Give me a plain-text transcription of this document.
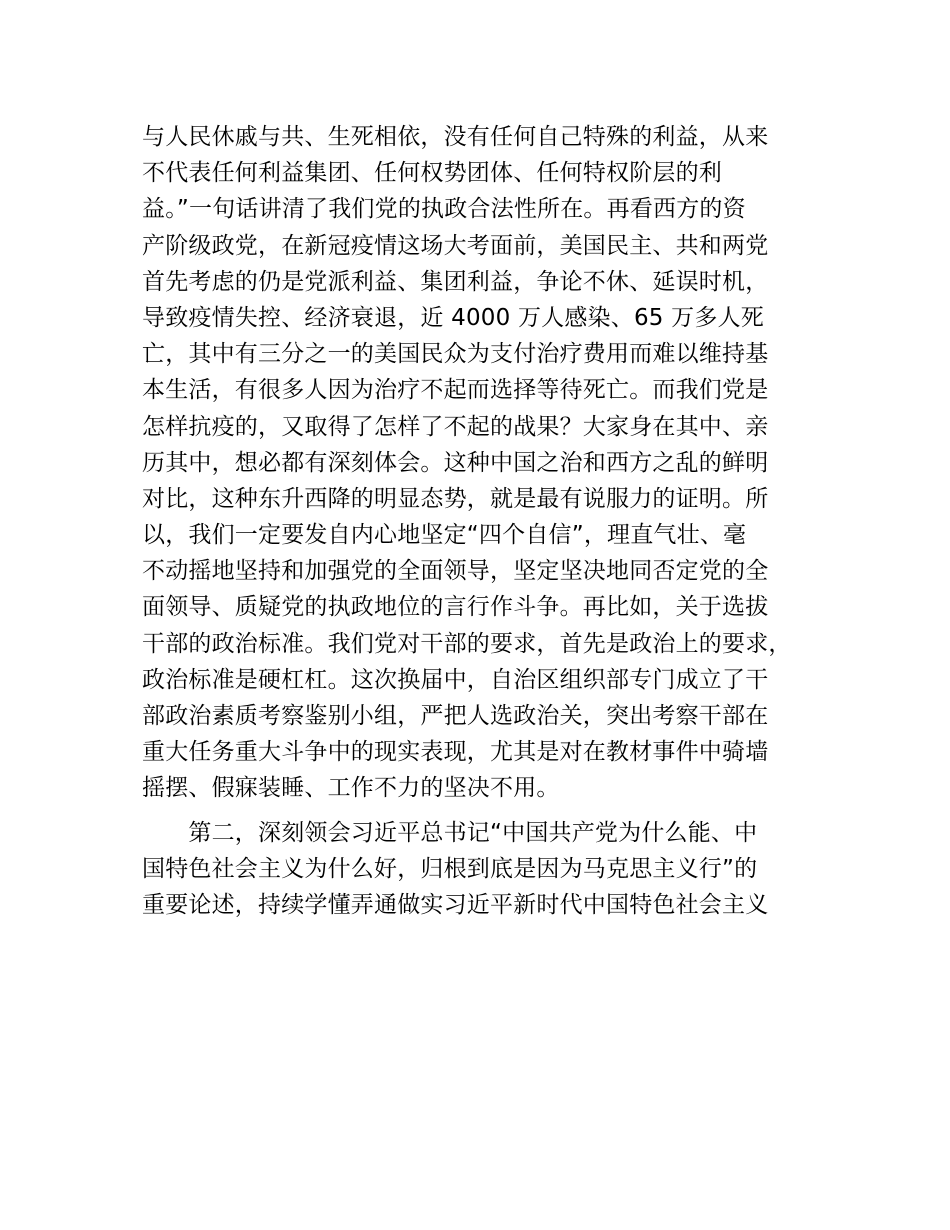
与人民休戚与共、生死相依，没有任何自己特殊的利益，从来
不代表任何利益集团、任何权势团体、任何特权阶层的利
益。”一句话讲清了我们党的执政合法性所在。再看西方的资
产阶级政党，在新冠疫情这场大考面前，美国民主、共和两党
首先考虑的仍是党派利益、集团利益，争论不休、延误时机，
导致疫情失控、经济衰退，近 4000 万人感染、65 万多人死
亡，其中有三分之一的美国民众为支付治疗费用而难以维持基
本生活，有很多人因为治疗不起而选择等待死亡。而我们党是
怎样抗疫的，又取得了怎样了不起的战果？大家身在其中、亲
历其中，想必都有深刻体会。这种中国之治和西方之乱的鲜明
对比，这种东升西降的明显态势，就是最有说服力的证明。所
以，我们一定要发自内心地坚定“四个自信”，理直气壮、毫
不动摇地坚持和加强党的全面领导，坚定坚决地同否定党的全
面领导、质疑党的执政地位的言行作斗争。再比如，关于选拔
干部的政治标准。我们党对干部的要求，首先是政治上的要求，
政治标准是硬杠杠。这次换届中，自治区组织部专门成立了干
部政治素质考察鉴别小组，严把人选政治关，突出考察干部在
重大任务重大斗争中的现实表现，尤其是对在教材事件中骑墙
摇摆、假寐装睡、工作不力的坚决不用。
　　第二，深刻领会习近平总书记“中国共产党为什么能、中
国特色社会主义为什么好，归根到底是因为马克思主义行”的
重要论述，持续学懂弄通做实习近平新时代中国特色社会主义
